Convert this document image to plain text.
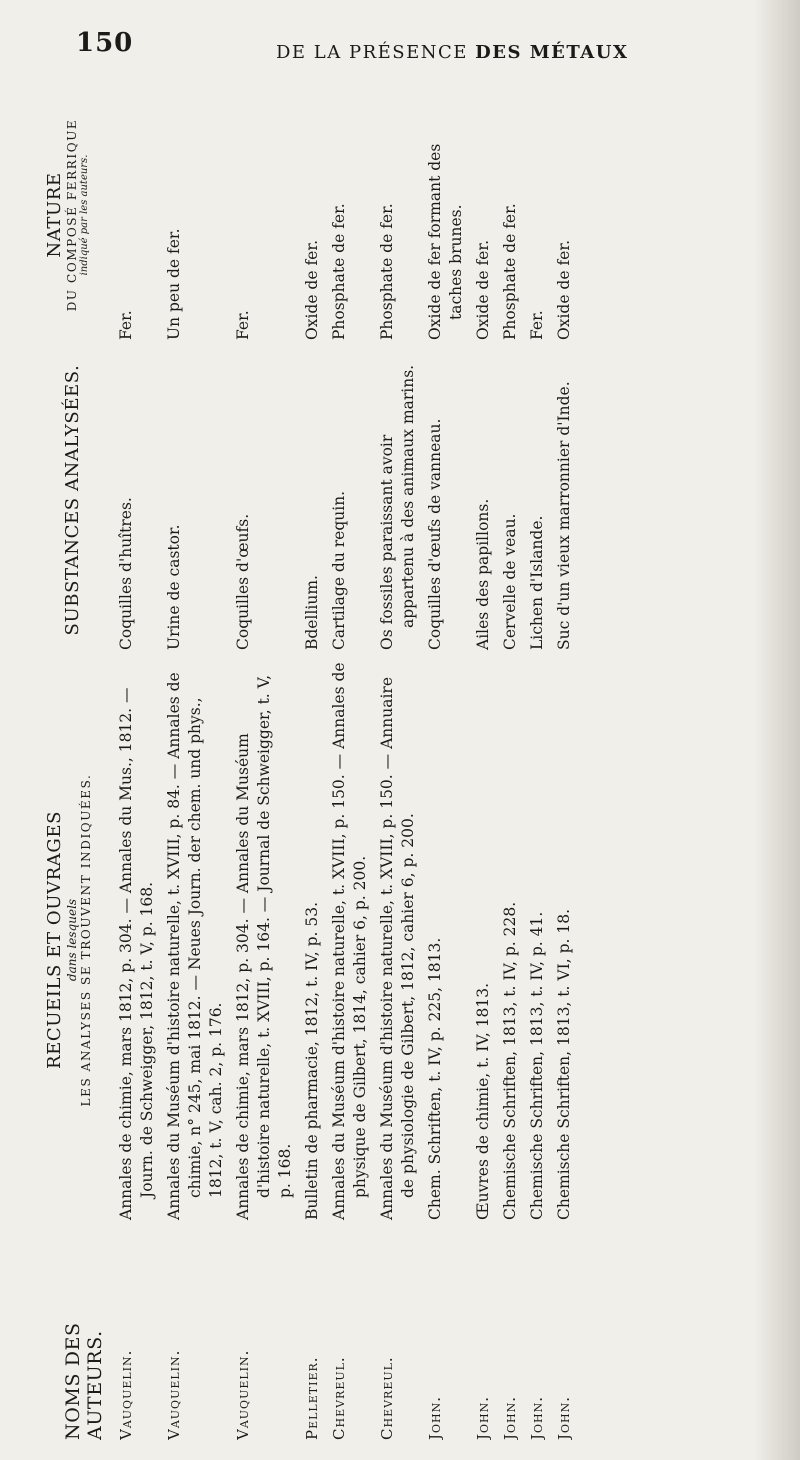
150	DE LA PRÉSENCE DES MÉTAUX
NOMS DES AUTEURS.
RECUEILS ET OUVRAGES dans lesquels LES ANALYSES SE TROUVENT INDIQUÉES.
SUBSTANCES ANALYSÉES.
NATURE DU COMPOSÉ FERRIQUE indiqué par les auteurs.
Vauquelin.
Annales de chimie, mars 1812, p. 304. — Annales du Mus., 1812. — Journ. de Schweigger, 1812, t. V, p. 168.
Coquilles d'huîtres.
Fer.
Vauquelin.
Annales du Muséum d'histoire naturelle, t. XVIII, p. 84. — Annales de chimie, n° 245, mai 1812. — Neues Journ. der chem. und phys., 1812, t. V, cah. 2, p. 176.
Urine de castor.
Un peu de fer.
Vauquelin.
Annales de chimie, mars 1812, p. 304. — Annales du Muséum d'histoire naturelle, t. XVIII, p. 164. — Journal de Schweigger, t. V, p. 168.
Coquilles d'œufs.
Fer.
Pelletier.
Bulletin de pharmacie, 1812, t. IV, p. 53.
Bdellium.
Oxide de fer.
Chevreul.
Annales du Muséum d'histoire naturelle, t. XVIII, p. 150. — Annales de physique de Gilbert, 1814, cahier 6, p. 200.
Cartilage du requin.
Phosphate de fer.
Chevreul.
Annales du Muséum d'histoire naturelle, t. XVIII, p. 150. — Annuaire de physiologie de Gilbert, 1812, cahier 6, p. 200.
Os fossiles paraissant avoir appartenu à des animaux marins.
Phosphate de fer.
John.
Chem. Schriften, t. IV, p. 225, 1813.
Coquilles d'œufs de vanneau.
Oxide de fer formant des taches brunes.
John.
Œuvres de chimie, t. IV, 1813.
Ailes des papillons.
Oxide de fer.
John.
Chemische Schriften, 1813, t. IV, p. 228.
Cervelle de veau.
Phosphate de fer.
John.
Chemische Schriften, 1813, t. IV, p. 41.
Lichen d'Islande.
Fer.
John.
Chemische Schriften, 1813, t. VI, p. 18.
Suc d'un vieux marronnier d'Inde.
Oxide de fer.
